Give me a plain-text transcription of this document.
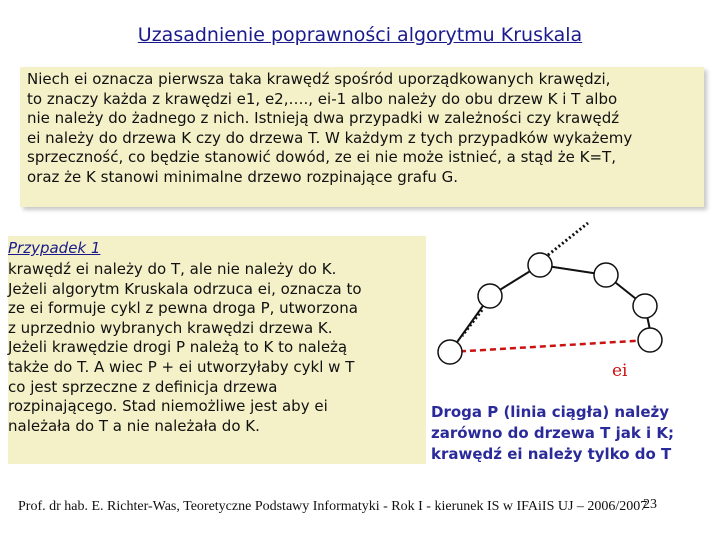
Uzasadnienie poprawności algorytmu Kruskala
Niech ei oznacza pierwsza taka krawędź spośród uporządkowanych krawędzi,
to znaczy każda z krawędzi e1, e2,…., ei-1 albo należy do obu drzew K i T albo
nie należy do żadnego z nich. Istnieją dwa przypadki w zależności czy krawędź
ei należy do drzewa K czy do drzewa T. W każdym z tych przypadków wykażemy
sprzeczność, co będzie stanowić dowód, ze ei nie może istnieć, a stąd że K=T,
oraz że K stanowi minimalne drzewo rozpinające grafu G.
Przypadek 1
krawędź ei należy do T, ale nie należy do K.
Jeżeli algorytm Kruskala odrzuca ei, oznacza to
ze ei formuje cykl z pewna droga P, utworzona
z uprzednio wybranych krawędzi drzewa K.
Jeżeli krawędzie drogi P należą to K to należą
także do T. A wiec P + ei utworzyłaby cykl w T
co jest sprzeczne z definicja drzewa
rozpinającego. Stad niemożliwe jest aby ei
należała do T a nie należała do K.
ei
Droga P (linia ciągła) należy
zarówno do drzewa T jak i K;
krawędź ei należy tylko do T
Prof. dr hab. E. Richter-Was, Teoretyczne Podstawy Informatyki - Rok I - kierunek IS w IFAiIS UJ – 2006/2007
23
